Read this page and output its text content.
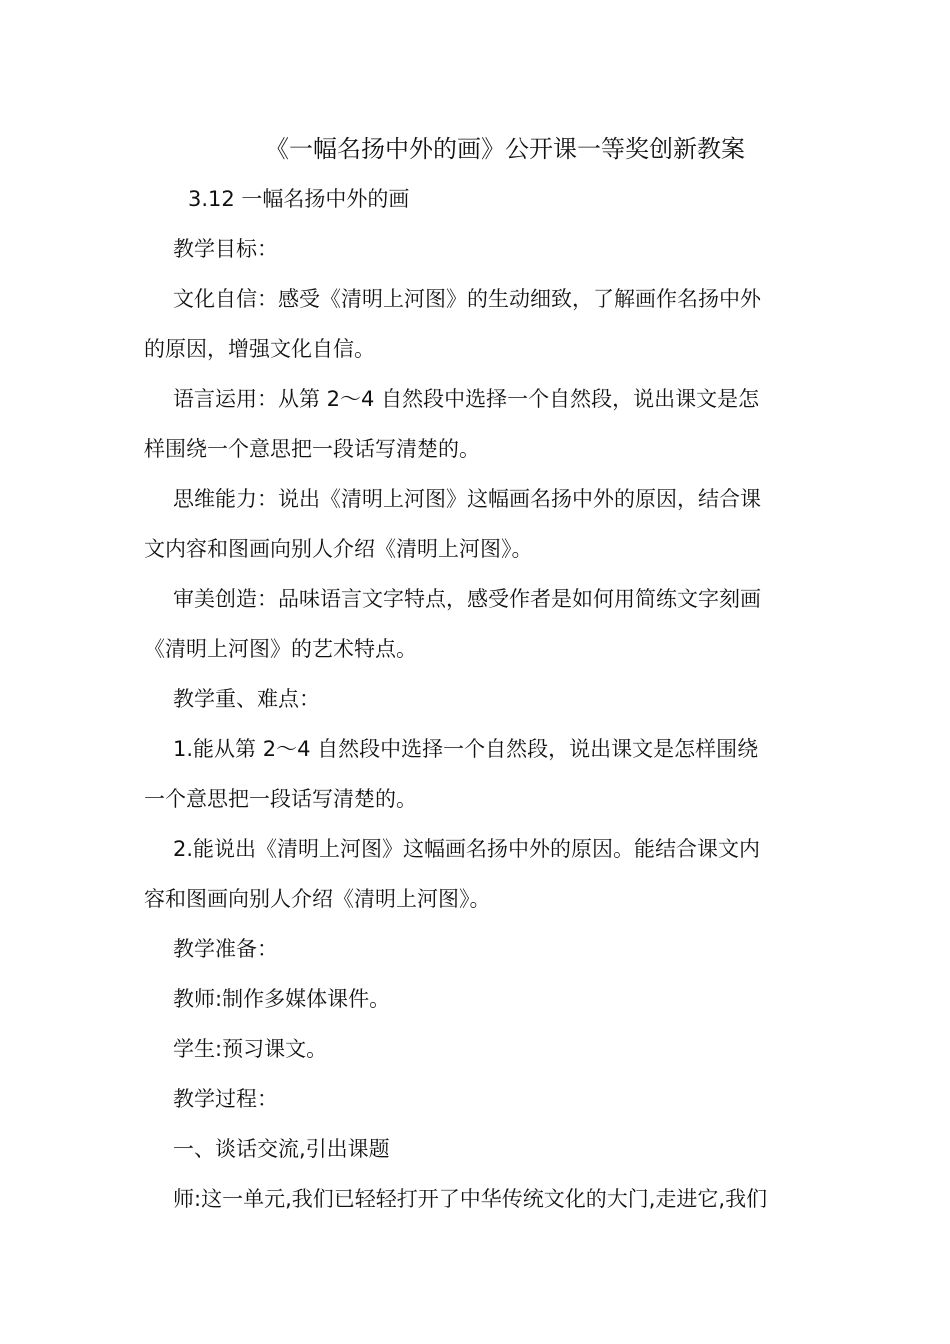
《一幅名扬中外的画》公开课一等奖创新教案
3.12 一幅名扬中外的画
教学目标：
文化自信：感受《清明上河图》的生动细致，了解画作名扬中外
的原因，增强文化自信。
语言运用：从第 2～4 自然段中选择一个自然段，说出课文是怎
样围绕一个意思把一段话写清楚的。
思维能力：说出《清明上河图》这幅画名扬中外的原因，结合课
文内容和图画向别人介绍《清明上河图》。
审美创造：品味语言文字特点，感受作者是如何用简练文字刻画
《清明上河图》的艺术特点。
教学重、难点：
1.能从第 2～4 自然段中选择一个自然段，说出课文是怎样围绕
一个意思把一段话写清楚的。
2.能说出《清明上河图》这幅画名扬中外的原因。能结合课文内
容和图画向别人介绍《清明上河图》。
教学准备：
教师:制作多媒体课件。
学生:预习课文。
教学过程：
一、谈话交流,引出课题
师:这一单元,我们已轻轻打开了中华传统文化的大门,走进它,我们
